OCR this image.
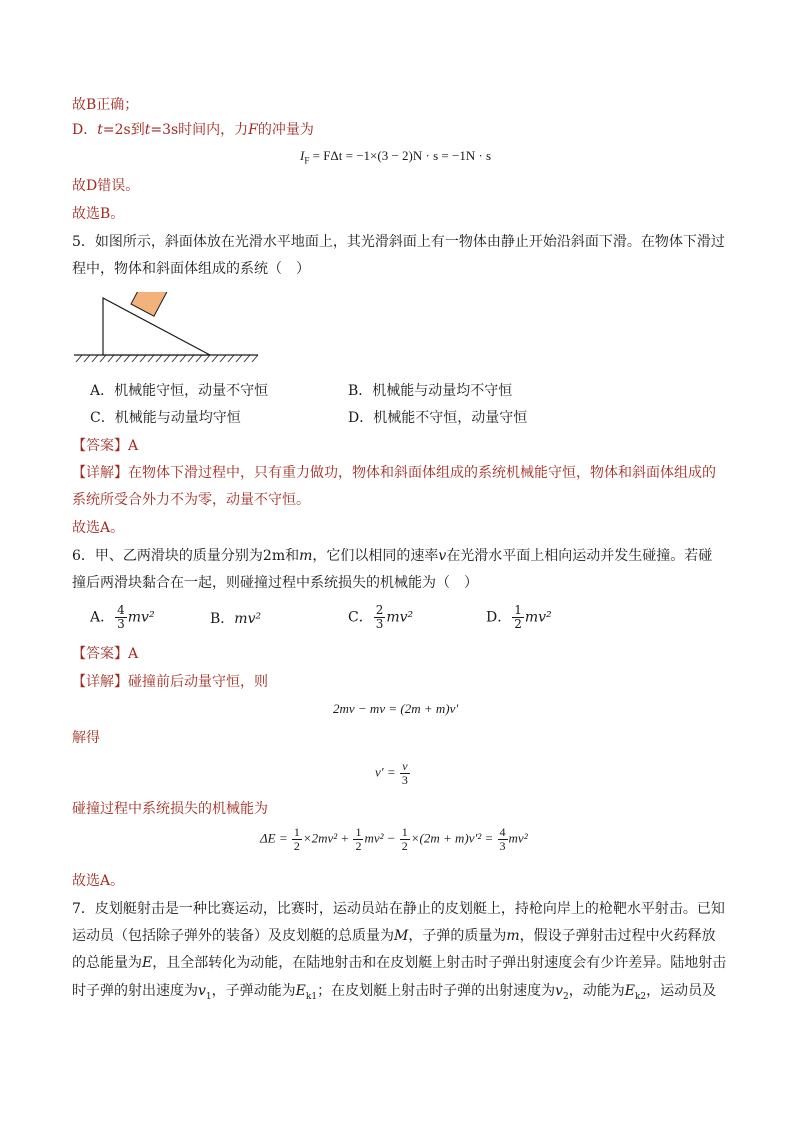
故B正确；
D．t=2s到t=3s时间内，力F的冲量为
$I_F = F\Delta t = -1\times(3 - 2)N \cdot s = -1N \cdot s$
故D错误。
故选B。
5．如图所示，斜面体放在光滑水平地面上，其光滑斜面上有一物体由静止开始沿斜面下滑。在物体下滑过
程中，物体和斜面体组成的系统（　）
A．机械能守恒，动量不守恒	B．机械能与动量均不守恒
C．机械能与动量均守恒	D．机械能不守恒，动量守恒
【答案】A
【详解】在物体下滑过程中，只有重力做功，物体和斜面体组成的系统机械能守恒，物体和斜面体组成的
系统所受合外力不为零，动量不守恒。
故选A。
6．甲、乙两滑块的质量分别为2m和m，它们以相同的速率v在光滑水平面上相向运动并发生碰撞。若碰
撞后两滑块黏合在一起，则碰撞过程中系统损失的机械能为（　）
A． $\frac{4}{3} mv^2$	B．mv²	C． $\frac{2}{3} mv^2$	D． $\frac{1}{2} mv^2$
【答案】A
【详解】碰撞前后动量守恒，则
2mv − mv = (2m + m)v′
解得
$v' = \frac{v}{3}$
碰撞过程中系统损失的机械能为
$\Delta E = \frac{1}{2} \times 2mv^2 + \frac{1}{2} mv^2 - \frac{1}{2} \times(2m + m)v'^2 = \frac{4}{3} mv^2$
故选A。
7．皮划艇射击是一种比赛运动，比赛时，运动员站在静止的皮划艇上，持枪向岸上的枪靶水平射击。已知
运动员（包括除子弹外的装备）及皮划艇的总质量为M，子弹的质量为m，假设子弹射击过程中火药释放
的总能量为E，且全部转化为动能，在陆地射击和在皮划艇上射击时子弹出射速度会有少许差异。陆地射击
时子弹的射出速度为$v_1$，子弹动能为$E_{k1}$；在皮划艇上射击时子弹的出射速度为$v_2$，动能为$E_{k2}$，运动员及
